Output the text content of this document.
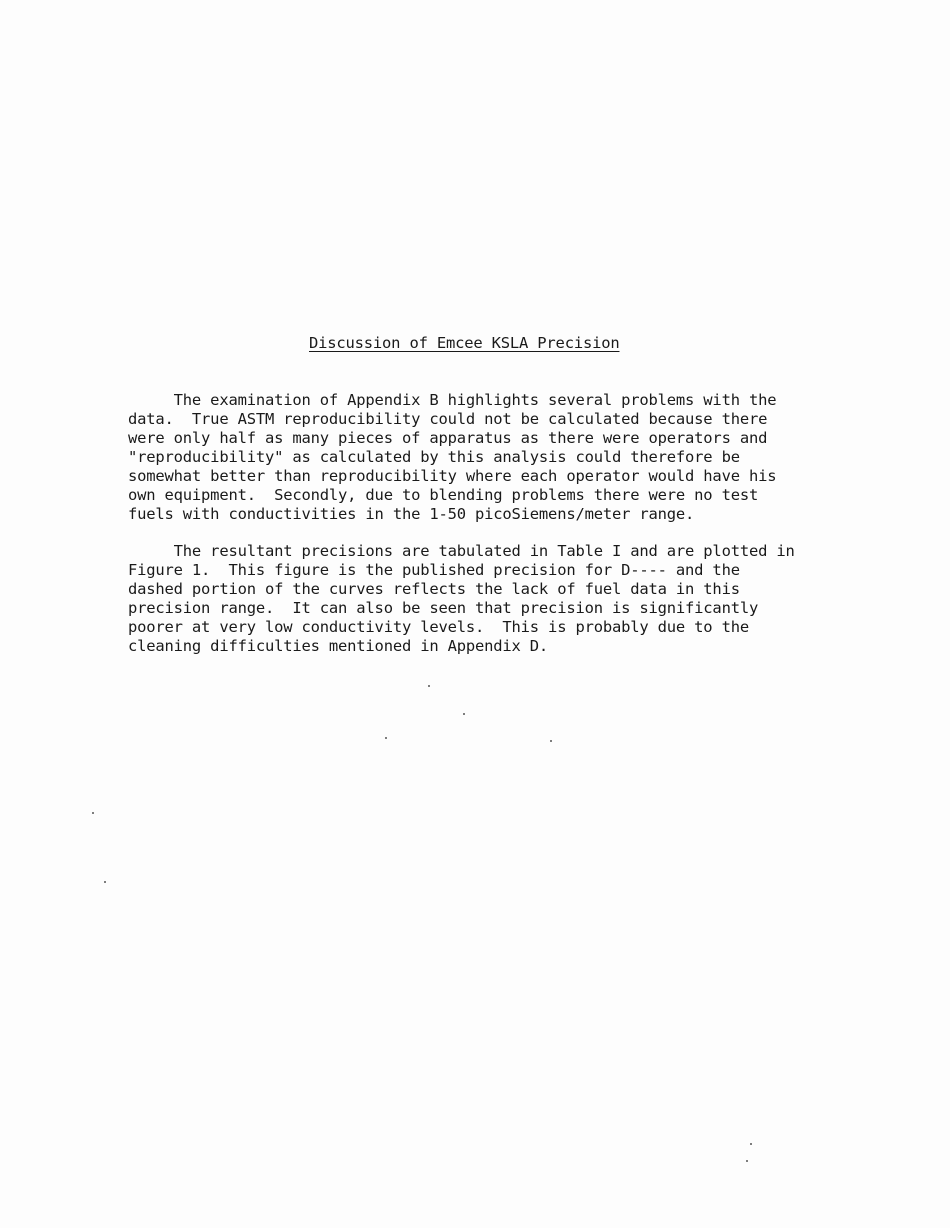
Discussion of Emcee KSLA Precision

The examination of Appendix B highlights several problems with the
data.  True ASTM reproducibility could not be calculated because there
were only half as many pieces of apparatus as there were operators and
"reproducibility" as calculated by this analysis could therefore be
somewhat better than reproducibility where each operator would have his
own equipment.  Secondly, due to blending problems there were no test
fuels with conductivities in the 1-50 picoSiemens/meter range.

The resultant precisions are tabulated in Table I and are plotted in
Figure 1.  This figure is the published precision for D---- and the
dashed portion of the curves reflects the lack of fuel data in this
precision range.  It can also be seen that precision is significantly
poorer at very low conductivity levels.  This is probably due to the
cleaning difficulties mentioned in Appendix D.
